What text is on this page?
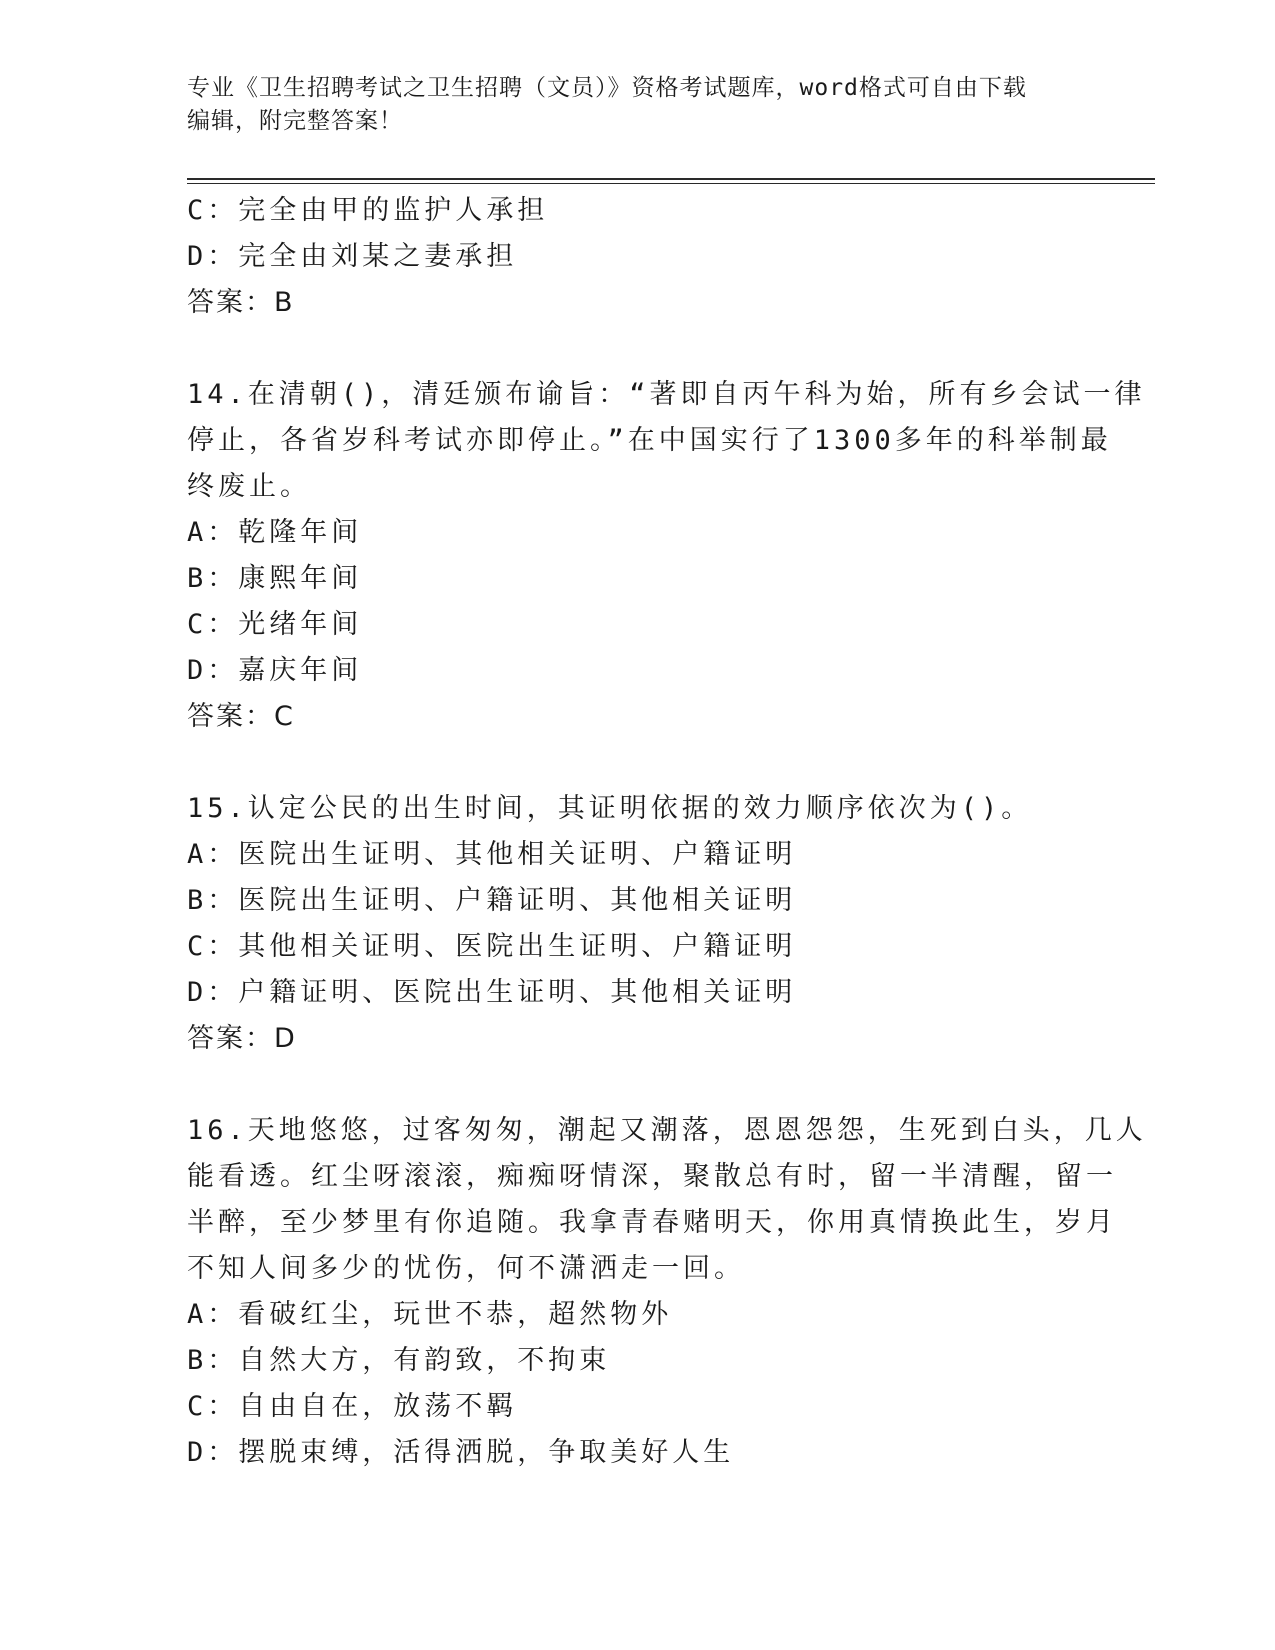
专业《卫生招聘考试之卫生招聘（文员）》资格考试题库，word格式可自由下载
编辑，附完整答案！
C：完全由甲的监护人承担
D：完全由刘某之妻承担
答案：B
14.在清朝()，清廷颁布谕旨：“著即自丙午科为始，所有乡会试一律
停止，各省岁科考试亦即停止。”在中国实行了1300多年的科举制最
终废止。
A：乾隆年间
B：康熙年间
C：光绪年间
D：嘉庆年间
答案：C
15.认定公民的出生时间，其证明依据的效力顺序依次为()。
A：医院出生证明、其他相关证明、户籍证明
B：医院出生证明、户籍证明、其他相关证明
C：其他相关证明、医院出生证明、户籍证明
D：户籍证明、医院出生证明、其他相关证明
答案：D
16.天地悠悠，过客匆匆，潮起又潮落，恩恩怨怨，生死到白头，几人
能看透。红尘呀滚滚，痴痴呀情深，聚散总有时，留一半清醒，留一
半醉，至少梦里有你追随。我拿青春赌明天，你用真情换此生，岁月
不知人间多少的忧伤，何不潇洒走一回。
A：看破红尘，玩世不恭，超然物外
B：自然大方，有韵致，不拘束
C：自由自在，放荡不羁
D：摆脱束缚，活得洒脱，争取美好人生
